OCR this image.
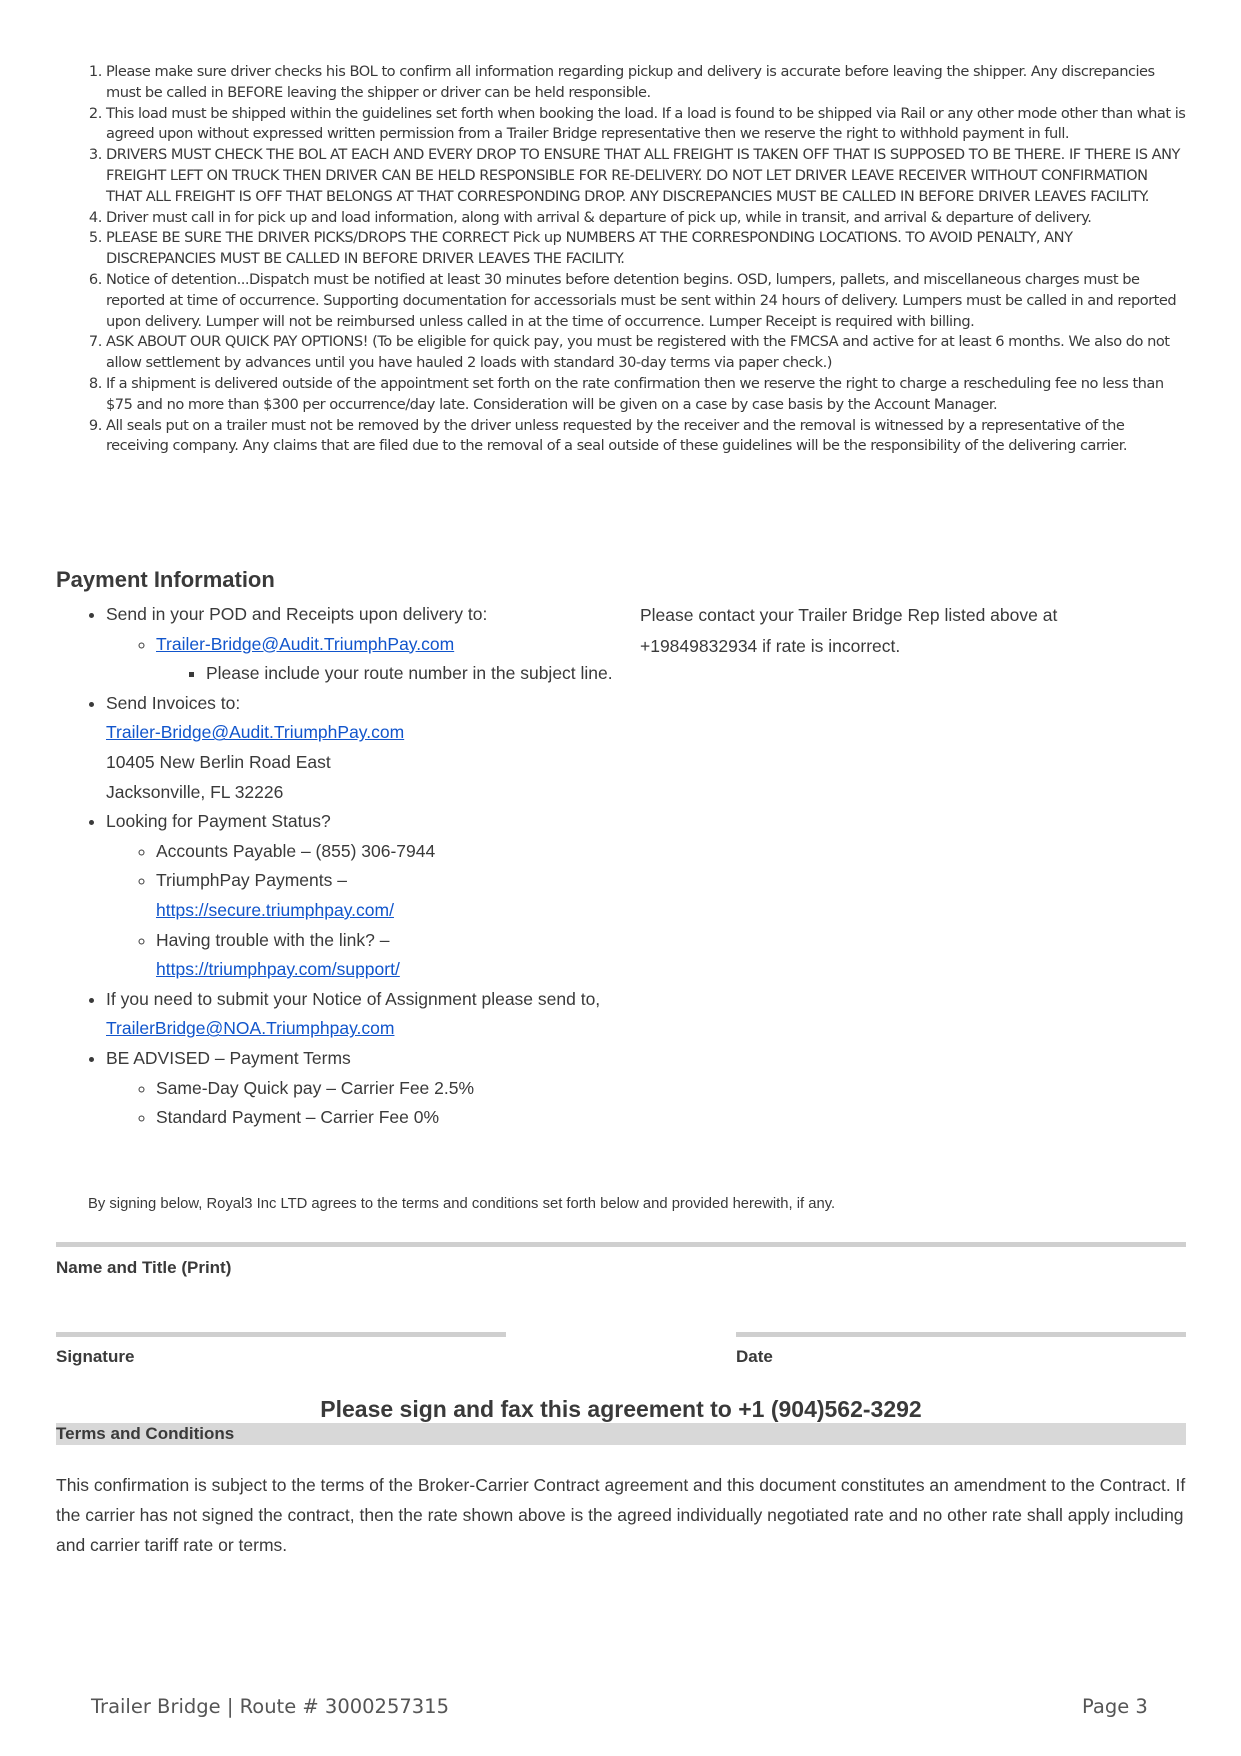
1. Please make sure driver checks his BOL to confirm all information regarding pickup and delivery is accurate before leaving the shipper. Any discrepancies must be called in BEFORE leaving the shipper or driver can be held responsible.
2. This load must be shipped within the guidelines set forth when booking the load. If a load is found to be shipped via Rail or any other mode other than what is agreed upon without expressed written permission from a Trailer Bridge representative then we reserve the right to withhold payment in full.
3. DRIVERS MUST CHECK THE BOL AT EACH AND EVERY DROP TO ENSURE THAT ALL FREIGHT IS TAKEN OFF THAT IS SUPPOSED TO BE THERE. IF THERE IS ANY FREIGHT LEFT ON TRUCK THEN DRIVER CAN BE HELD RESPONSIBLE FOR RE-DELIVERY. DO NOT LET DRIVER LEAVE RECEIVER WITHOUT CONFIRMATION THAT ALL FREIGHT IS OFF THAT BELONGS AT THAT CORRESPONDING DROP. ANY DISCREPANCIES MUST BE CALLED IN BEFORE DRIVER LEAVES FACILITY.
4. Driver must call in for pick up and load information, along with arrival & departure of pick up, while in transit, and arrival & departure of delivery.
5. PLEASE BE SURE THE DRIVER PICKS/DROPS THE CORRECT Pick up NUMBERS AT THE CORRESPONDING LOCATIONS. TO AVOID PENALTY, ANY DISCREPANCIES MUST BE CALLED IN BEFORE DRIVER LEAVES THE FACILITY.
6. Notice of detention...Dispatch must be notified at least 30 minutes before detention begins. OSD, lumpers, pallets, and miscellaneous charges must be reported at time of occurrence. Supporting documentation for accessorials must be sent within 24 hours of delivery. Lumpers must be called in and reported upon delivery. Lumper will not be reimbursed unless called in at the time of occurrence. Lumper Receipt is required with billing.
7. ASK ABOUT OUR QUICK PAY OPTIONS! (To be eligible for quick pay, you must be registered with the FMCSA and active for at least 6 months. We also do not allow settlement by advances until you have hauled 2 loads with standard 30-day terms via paper check.)
8. If a shipment is delivered outside of the appointment set forth on the rate confirmation then we reserve the right to charge a rescheduling fee no less than $75 and no more than $300 per occurrence/day late. Consideration will be given on a case by case basis by the Account Manager.
9. All seals put on a trailer must not be removed by the driver unless requested by the receiver and the removal is witnessed by a representative of the receiving company. Any claims that are filed due to the removal of a seal outside of these guidelines will be the responsibility of the delivering carrier.
Payment Information
• Send in your POD and Receipts upon delivery to:
◦ Trailer-Bridge@Audit.TriumphPay.com
▪ Please include your route number in the subject line.
• Send Invoices to:
Trailer-Bridge@Audit.TriumphPay.com
10405 New Berlin Road East
Jacksonville, FL 32226
• Looking for Payment Status?
◦ Accounts Payable – (855) 306-7944
◦ TriumphPay Payments –
https://secure.triumphpay.com/
◦ Having trouble with the link? –
https://triumphpay.com/support/
• If you need to submit your Notice of Assignment please send to, TrailerBridge@NOA.Triumphpay.com
• BE ADVISED – Payment Terms
◦ Same-Day Quick pay – Carrier Fee 2.5%
◦ Standard Payment – Carrier Fee 0%
Please contact your Trailer Bridge Rep listed above at
+19849832934 if rate is incorrect.
By signing below, Royal3 Inc LTD agrees to the terms and conditions set forth below and provided herewith, if any.
Name and Title (Print)
Signature	Date
Please sign and fax this agreement to +1 (904)562-3292
Terms and Conditions
This confirmation is subject to the terms of the Broker-Carrier Contract agreement and this document constitutes an amendment to the Contract. If the carrier has not signed the contract, then the rate shown above is the agreed individually negotiated rate and no other rate shall apply including and carrier tariff rate or terms.
Trailer Bridge | Route # 3000257315	Page 3
